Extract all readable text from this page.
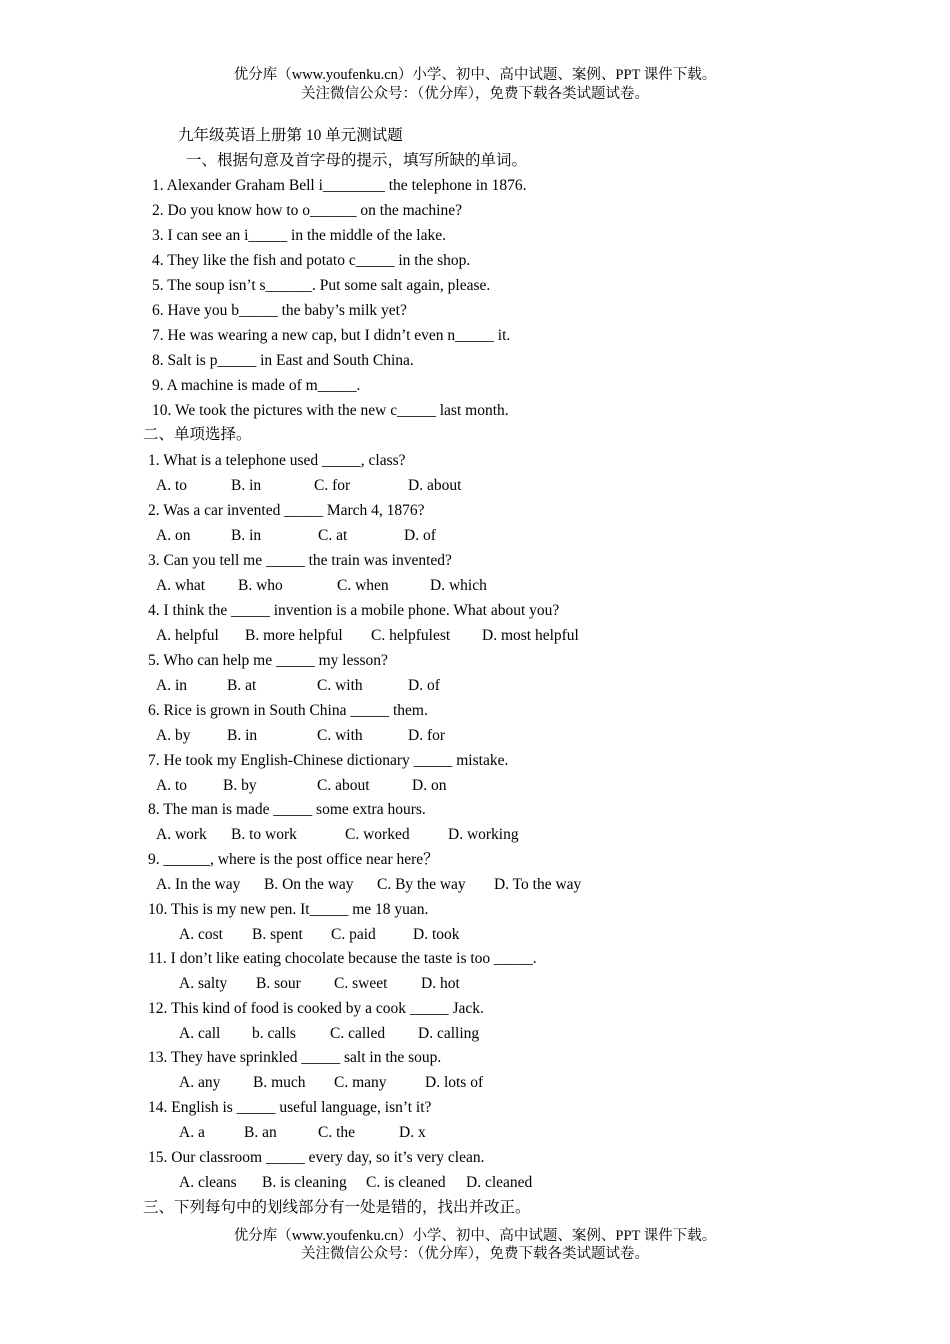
优分库（www.youfenku.cn）小学、初中、高中试题、案例、PPT 课件下载。
关注微信公众号：（优分库），免费下载各类试题试卷。
九年级英语上册第 10 单元测试题
一、根据句意及首字母的提示，填写所缺的单词。
1. Alexander Graham Bell i________ the telephone in 1876.
2. Do you know how to o______ on the machine?
3. I can see an i_____ in the middle of the lake.
4. They like the fish and potato c_____ in the shop.
5. The soup isn’t s______. Put some salt again, please.
6. Have you b_____ the baby’s milk yet?
7. He was wearing a new cap, but I didn’t even n_____ it.
8. Salt is p_____ in East and South China.
9. A machine is made of m_____.
10. We took the pictures with the new c_____ last month.
二、单项选择。
1. What is a telephone used _____, class?
A. to	B. in	C. for	D. about
2. Was a car invented _____ March 4, 1876?
A. on	B. in	C. at	D. of
3. Can you tell me _____ the train was invented?
A. what B. who	C. when	D. which
4. I think the _____ invention is a mobile phone. What about you?
A. helpful B. more helpful C. helpfulest D. most helpful
5. Who can help me _____ my lesson?
A. in	B. at	C. with	D. of
6. Rice is grown in South China _____ them.
A. by B. in	C. with	D. for
7. He took my English-Chinese dictionary _____ mistake.
A. to B. by	C. about	D. on
8. The man is made _____ some extra hours.
A. work B. to work	C. worked D. working
9. ______, where is the post office near here？
A. In the way B. On the way C. By the way D. To the way
10. This is my new pen. It_____ me 18 yuan.
A. cost B. spent C. paid D. took
11. I don’t like eating chocolate because the taste is too _____.
A. salty B. sour C. sweet D. hot
12. This kind of food is cooked by a cook _____ Jack.
A. call b. calls C. called D. calling
13. They have sprinkled _____ salt in the soup.
A. any B. much C. many D. lots of
14. English is _____ useful language, isn’t it?
A. a	B. an	C. the	D. x
15. Our classroom _____ every day, so it’s very clean.
A. cleans B. is cleaning C. is cleaned D. cleaned
三、下列每句中的划线部分有一处是错的，找出并改正。
优分库（www.youfenku.cn）小学、初中、高中试题、案例、PPT 课件下载。
关注微信公众号：（优分库），免费下载各类试题试卷。
